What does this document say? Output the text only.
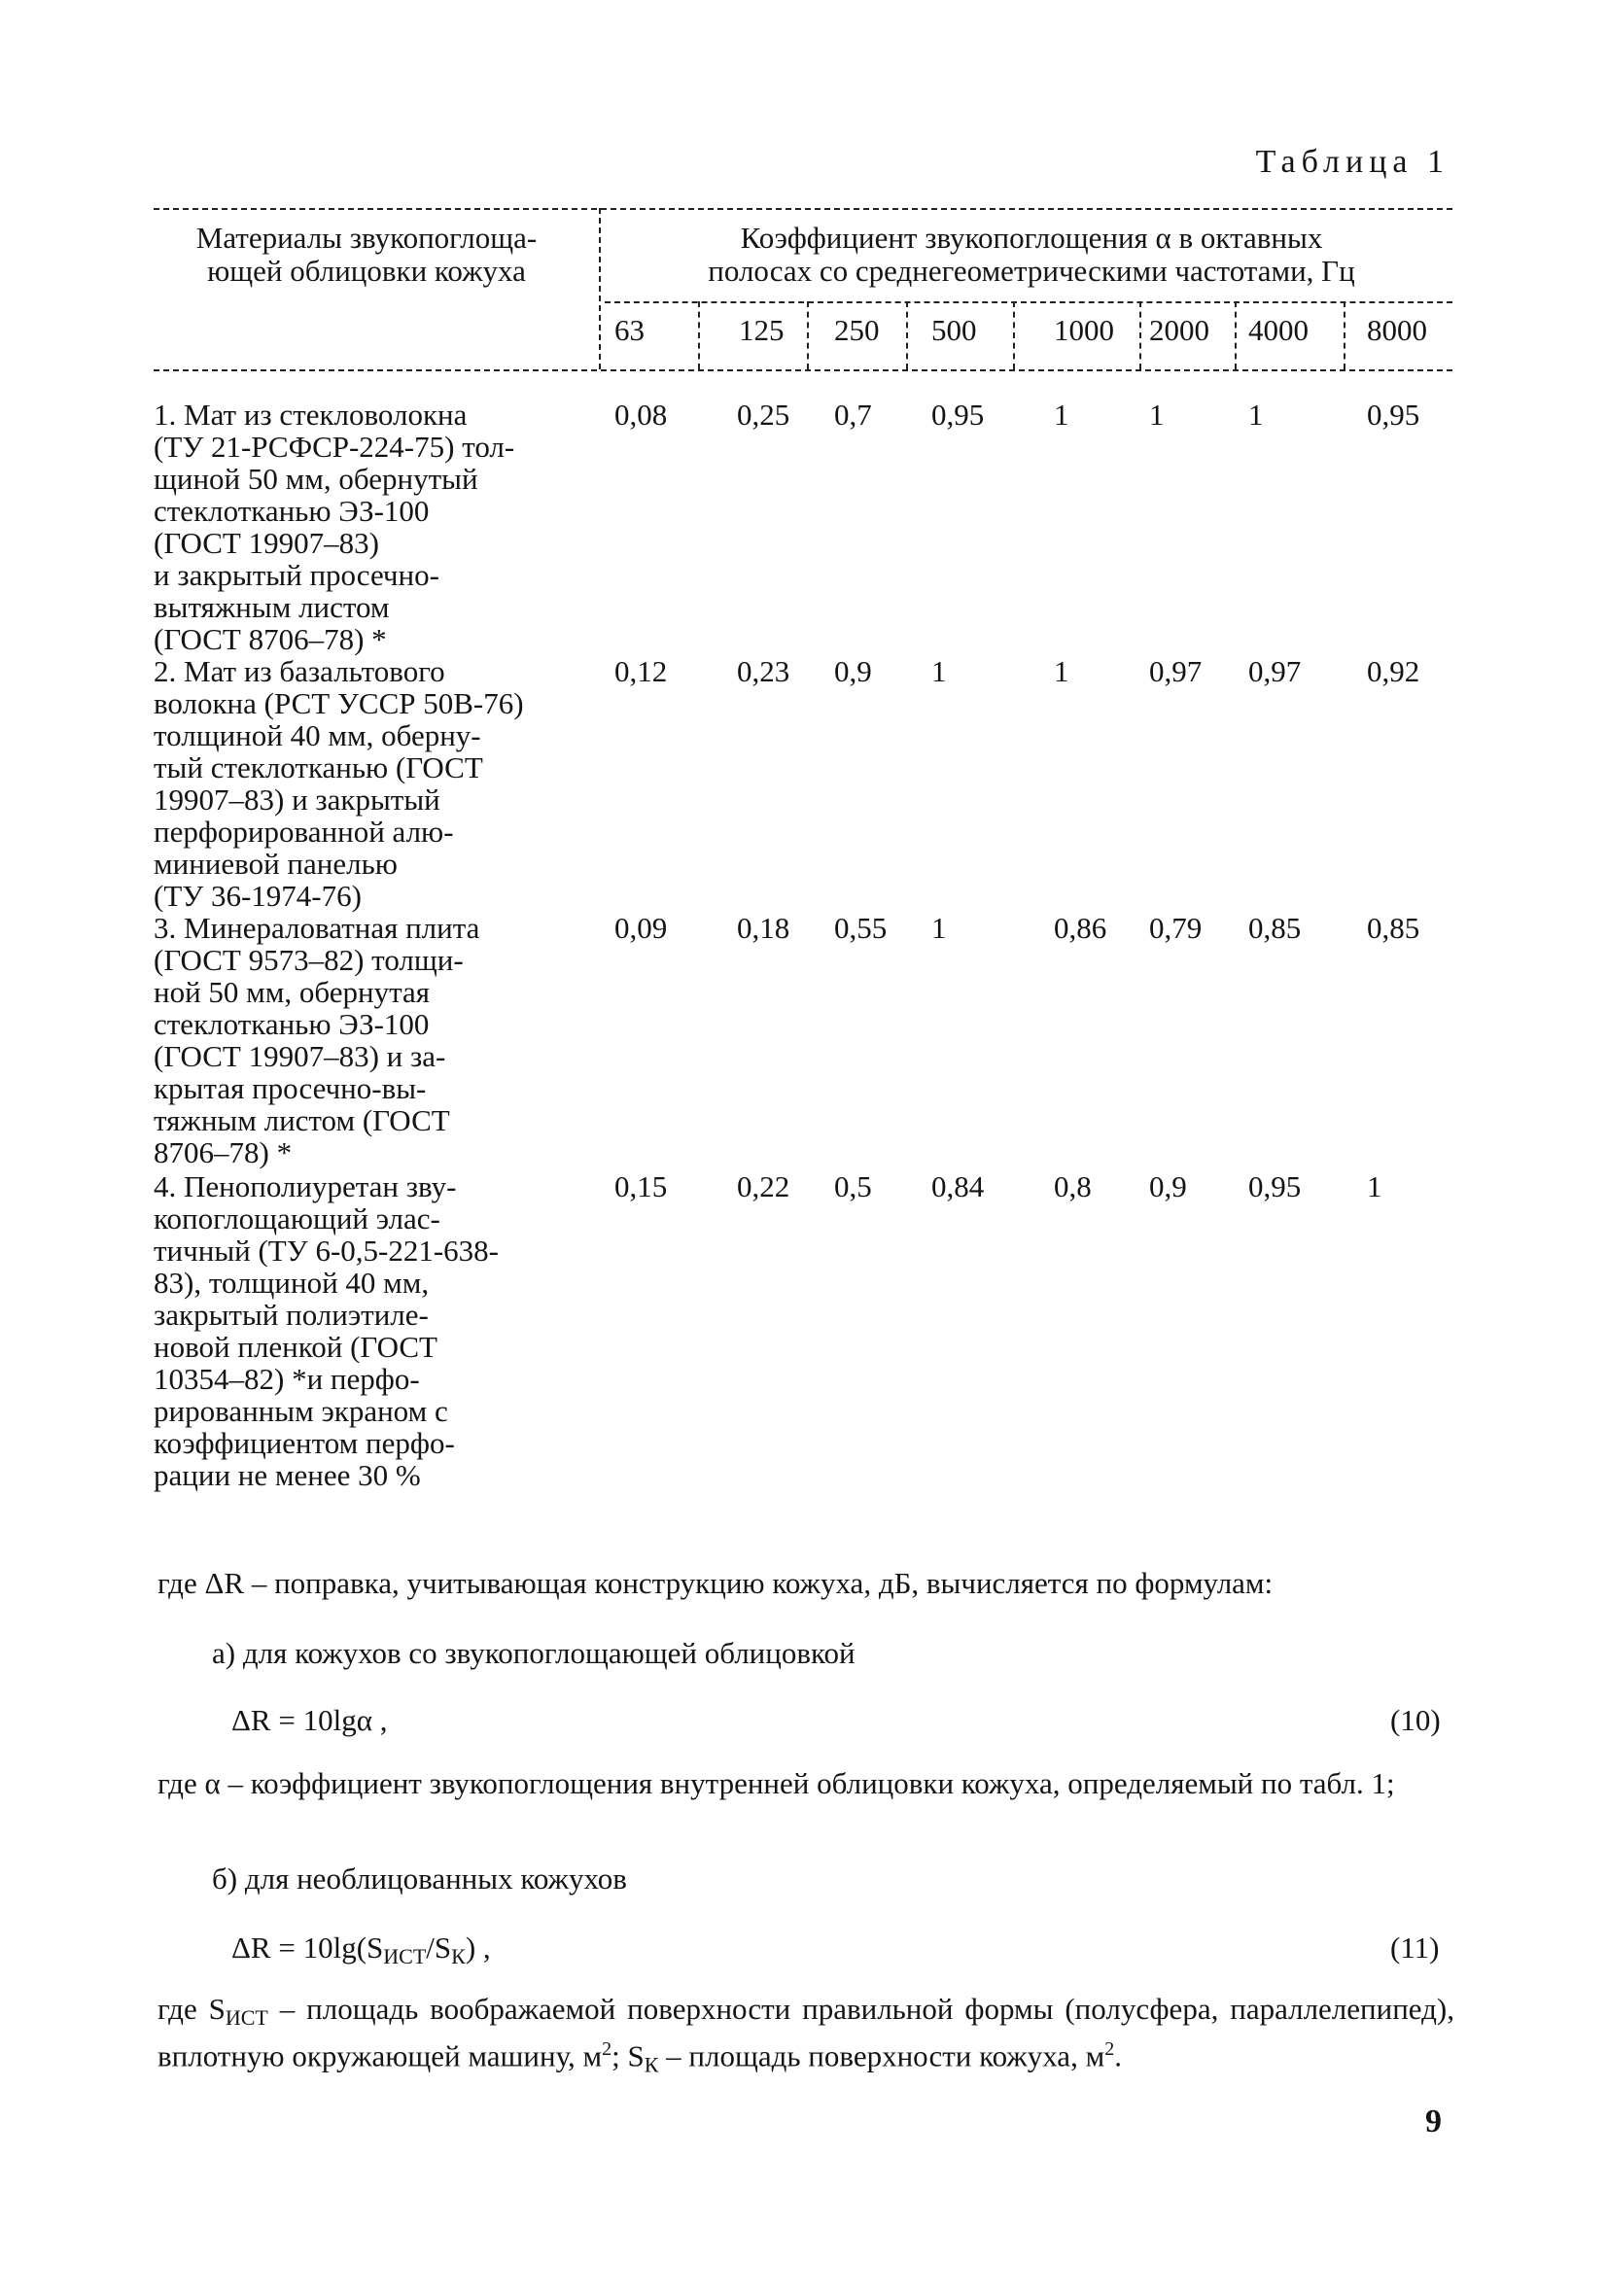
Таблица 1
Материалы звукопоглоща-
ющей облицовки кожуха
Коэффициент звукопоглощения α в октавных
полосах со среднегеометрическими частотами, Гц
63	125 250 500	1000 2000 4000 8000
1. Мат из стекловолокна
(ТУ 21-РСФСР-224-75) тол-
щиной 50 мм, обернутый
стеклотканью ЭЗ-100
(ГОСТ 19907–83)
и закрытый просечно-
вытяжным листом
(ГОСТ 8706–78) *
0,08 0,25 0,7 0,95 1	1	1	0,95
2. Мат из базальтового
волокна (РСТ УССР 50В-76)
толщиной 40 мм, оберну-
тый стеклотканью (ГОСТ
19907–83) и закрытый
перфорированной алю-
миниевой панелью
(ТУ 36-1974-76)
0,12 0,23 0,9 1	1	0,97 0,97 0,92
3. Минераловатная плита
(ГОСТ 9573–82) толщи-
ной 50 мм, обернутая
стеклотканью ЭЗ-100
(ГОСТ 19907–83) и за-
крытая просечно-вы-
тяжным листом (ГОСТ
8706–78) *
0,09 0,18 0,55 1	0,86 0,79 0,85 0,85
4. Пенополиуретан зву-
копоглощающий элас-
тичный (ТУ 6-0,5-221-638-
83), толщиной 40 мм,
закрытый полиэтиле-
новой пленкой (ГОСТ
10354–82) *и перфо-
рированным экраном с
коэффициентом перфо-
рации не менее 30 %
0,15 0,22 0,5 0,84 0,8 0,9 0,95 1
где ΔR – поправка, учитывающая конструкцию кожуха, дБ, вычисляется по формулам:
а) для кожухов со звукопоглощающей облицовкой
ΔR = 10lgα ,	(10)
где α – коэффициент звукопоглощения внутренней облицовки кожуха, определяемый по табл. 1;
б) для необлицованных кожухов
$\Delta R = 10\lg(S_{ИСТ}/S_К)$ ,	(11)
где $S_{ИСТ}$ – площадь воображаемой поверхности правильной формы (полусфера, параллелепипед), вплотную окружающей машину, $м^2$; $S_К$ – площадь поверхности кожуха, $м^2$.
9
